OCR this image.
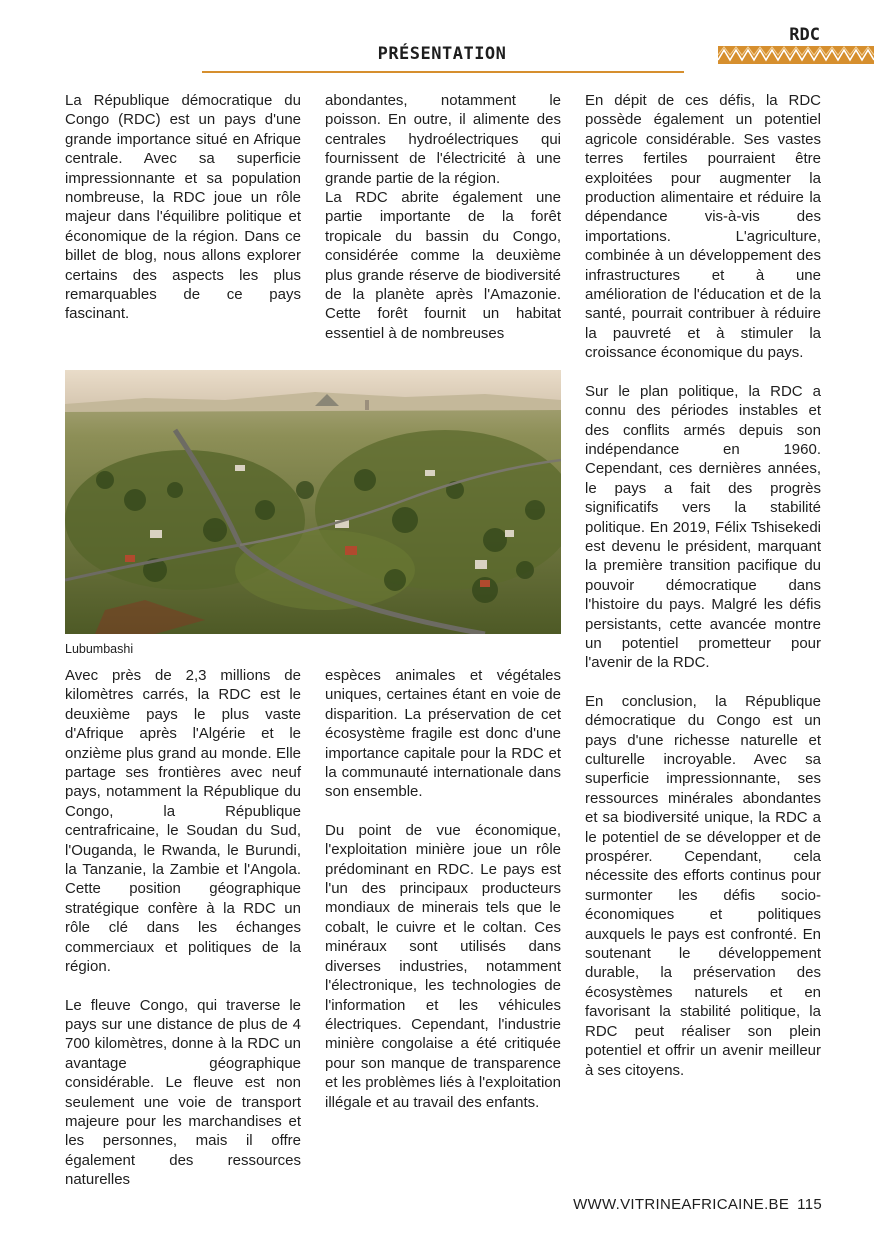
PRÉSENTATION
RDC

La République démocratique du Congo (RDC) est un pays d'une grande importance situé en Afrique centrale. Avec sa superficie impressionnante et sa population nombreuse, la RDC joue un rôle majeur dans l'équilibre politique et économique de la région. Dans ce billet de blog, nous allons explorer certains des aspects les plus remarquables de ce pays fascinant.

abondantes, notamment le poisson. En outre, il alimente des centrales hydroélectriques qui fournissent de l'électricité à une grande partie de la région.

La RDC abrite également une partie importante de la forêt tropicale du bassin du Congo, considérée comme la deuxième plus grande réserve de biodiversité de la planète après l'Amazonie. Cette forêt fournit un habitat essentiel à de nombreuses

En dépit de ces défis, la RDC possède également un potentiel agricole considérable. Ses vastes terres fertiles pourraient être exploitées pour augmenter la production alimentaire et réduire la dépendance vis-à-vis des importations. L'agriculture, combinée à un développement des infrastructures et à une amélioration de l'éducation et de la santé, pourrait contribuer à réduire la pauvreté et à stimuler la croissance économique du pays.

Sur le plan politique, la RDC a connu des périodes instables et des conflits armés depuis son indépendance en 1960. Cependant, ces dernières années, le pays a fait des progrès significatifs vers la stabilité politique. En 2019, Félix Tshisekedi est devenu le président, marquant la première transition pacifique du pouvoir démocratique dans l'histoire du pays. Malgré les défis persistants, cette avancée montre un potentiel prometteur pour l'avenir de la RDC.

En conclusion, la République démocratique du Congo est un pays d'une richesse naturelle et culturelle incroyable. Avec sa superficie impressionnante, ses ressources minérales abondantes et sa biodiversité unique, la RDC a le potentiel de se développer et de prospérer. Cependant, cela nécessite des efforts continus pour surmonter les défis socio-économiques et politiques auxquels le pays est confronté. En soutenant le développement durable, la préservation des écosystèmes naturels et en favorisant la stabilité politique, la RDC peut réaliser son plein potentiel et offrir un avenir meilleur à ses citoyens.

Lubumbashi

Avec près de 2,3 millions de kilomètres carrés, la RDC est le deuxième pays le plus vaste d'Afrique après l'Algérie et le onzième plus grand au monde. Elle partage ses frontières avec neuf pays, notamment la République du Congo, la République centrafricaine, le Soudan du Sud, l'Ouganda, le Rwanda, le Burundi, la Tanzanie, la Zambie et l'Angola. Cette position géographique stratégique confère à la RDC un rôle clé dans les échanges commerciaux et politiques de la région.

Le fleuve Congo, qui traverse le pays sur une distance de plus de 4 700 kilomètres, donne à la RDC un avantage géographique considérable. Le fleuve est non seulement une voie de transport majeure pour les marchandises et les personnes, mais il offre également des ressources naturelles

espèces animales et végétales uniques, certaines étant en voie de disparition. La préservation de cet écosystème fragile est donc d'une importance capitale pour la RDC et la communauté internationale dans son ensemble.

Du point de vue économique, l'exploitation minière joue un rôle prédominant en RDC. Le pays est l'un des principaux producteurs mondiaux de minerais tels que le cobalt, le cuivre et le coltan. Ces minéraux sont utilisés dans diverses industries, notamment l'électronique, les technologies de l'information et les véhicules électriques. Cependant, l'industrie minière congolaise a été critiquée pour son manque de transparence et les problèmes liés à l'exploitation illégale et au travail des enfants.

WWW.VITRINEAFRICAINE.BE 115
